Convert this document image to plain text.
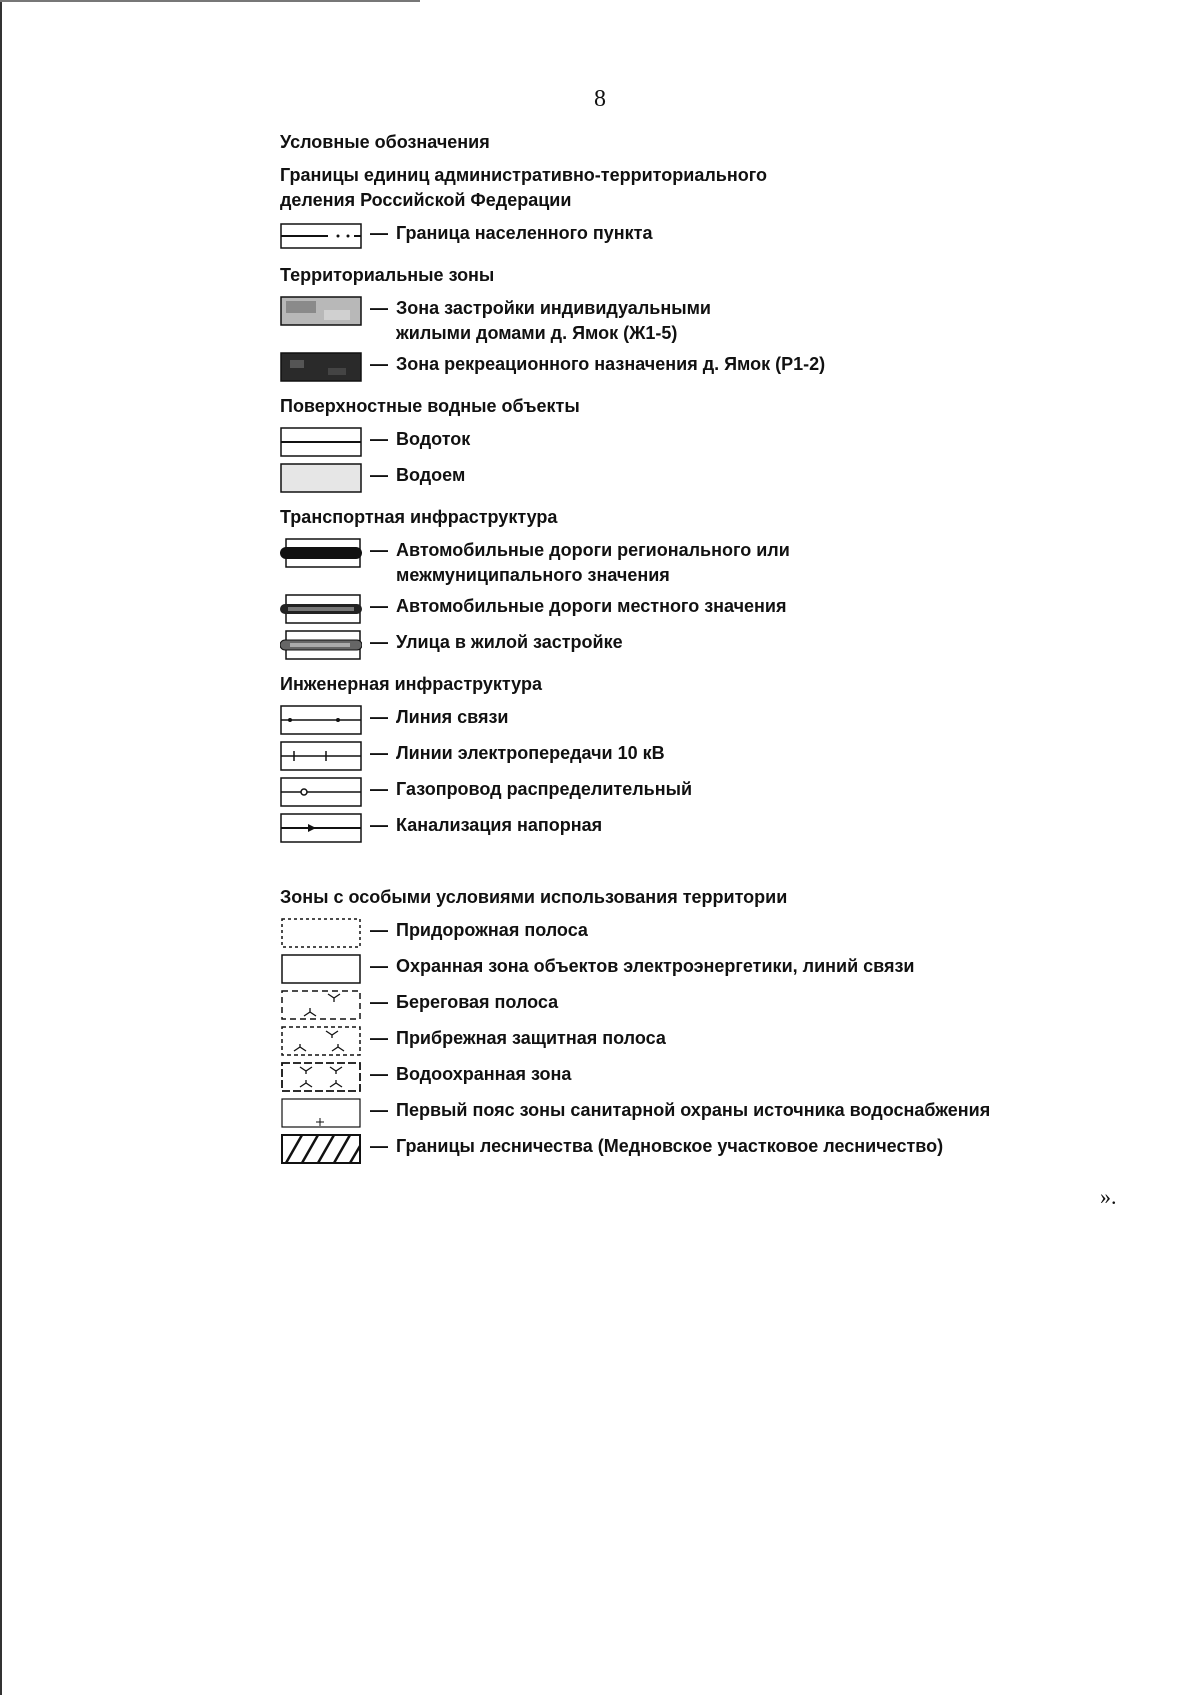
8
Условные обозначения
Границы единиц административно-территориального деления Российской Федерации
— Граница населенного пункта
Территориальные зоны
— Зона застройки индивидуальными жилыми домами д. Ямок (Ж1-5)
— Зона рекреационного назначения д. Ямок (Р1-2)
Поверхностные водные объекты
— Водоток
— Водоем
Транспортная инфраструктура
— Автомобильные дороги регионального или межмуниципального значения
— Автомобильные дороги местного значения
— Улица в жилой застройке
Инженерная инфраструктура
— Линия связи
— Линии электропередачи 10 кВ
— Газопровод распределительный
— Канализация напорная
Зоны с особыми условиями использования территории
— Придорожная полоса
— Охранная зона объектов электроэнергетики, линий связи
— Береговая полоса
— Прибрежная защитная полоса
— Водоохранная зона
— Первый пояс зоны санитарной охраны источника водоснабжения
— Границы лесничества (Медновское участковое лесничество)
».
